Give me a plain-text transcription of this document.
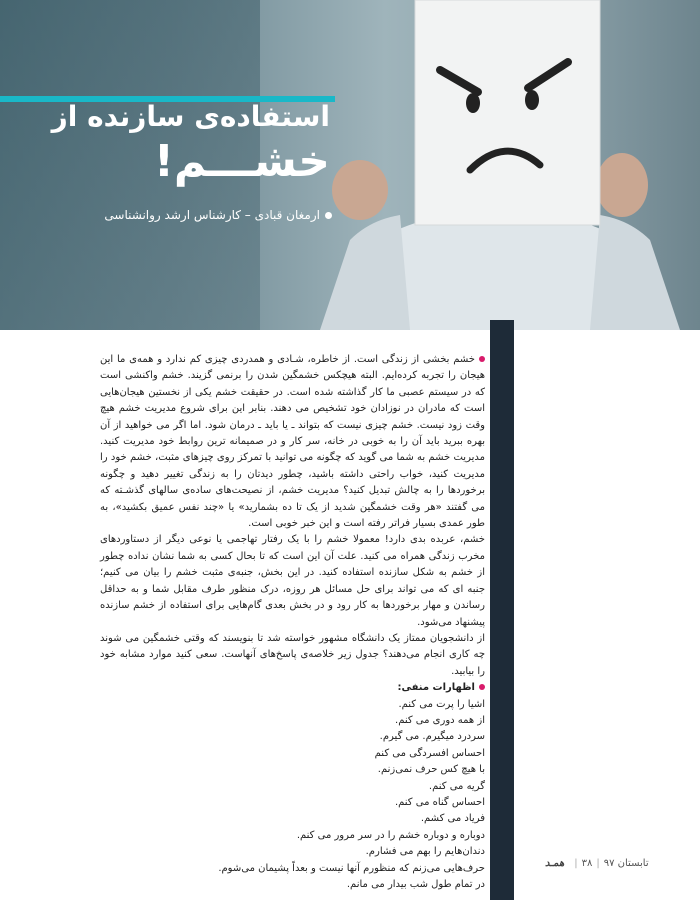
استفاده‌ی سازنده از
خشـــم!
ارمغان قبادی – کارشناس ارشد روانشناسی

خشم بخشی از زندگی است. از خاطره، شـادی و همدردی چیزی کم ندارد و همه‌ی ما این هیجان را تجربه کرده‌ایم. البته هیچکس خشمگین شدن را برنمی گزیند. خشم واکنشی است که در سیستم عصبی ما کار گذاشته شده است. در حقیقت خشم یکی از نخستین هیجان‌هایی است که مادران در نوزادان خود تشخیص می دهند. بنابر این برای شروع مدیریت خشم هیچ وقت زود نیست. خشم چیزی نیست که بتواند ـ یا باید ـ درمان شود. اما اگر می خواهید از آن بهره ببرید باید آن را به خوبی در خانه، سر کار و در صمیمانه ترین روابط خود مدیریت کنید. مدیریت خشم به شما می گوید که چگونه می توانید با تمرکز روی چیزهای مثبت، خشم خود را مدیریت کنید، خواب راحتی داشته باشید، چطور دیدتان را به زندگی تغییر دهید و چگونه برخوردها را به چالش تبدیل کنید؟ مدیریت خشم، از نصیحت‌های ساده‌ی سالهای گذشـته که می گفتند «هر وقت خشمگین شدید از یک تا ده بشمارید» یا «چند نفس عمیق بکشید»، به طور عمدی بسیار فراتر رفته است و این خبر خوبی است.

خشم، عربده بدی دارد! معمولا خشم را با یک رفتار تهاجمی یا نوعی دیگر از دستاوردهای مخرب زندگی همراه می کنید. علت آن این است که تا بحال کسی به شما نشان نداده چطور از خشم به شکل سازنده استفاده کنید. در این بخش، جنبه‌ی مثبت خشم را بیان می کنیم؛ جنبه ای که می تواند برای حل مسائل هر روزه، درک منظور طرف مقابل شما و به حداقل رساندن و مهار برخوردها به کار رود و در بخش بعدی گام‌هایی برای استفاده از خشم سازنده پیشنهاد می‌شود.

از دانشجویان ممتاز یک دانشگاه مشهور خواسته شد تا بنویسند که وقتی خشمگین می شوند چه کاری انجام می‌دهند؟ جدول زیر خلاصه‌ی پاسخ‌های آنهاست. سعی کنید موارد مشابه خود را بیابید.

اظهارات منفی:

اشیا را پرت می کنم.
از همه دوری می کنم.
سردرد میگیرم. می گیرم.
احساس افسردگی می کنم
با هیچ کس حرف نمی‌زنم.
گریه می کنم.
احساس گناه می کنم.
فریاد می کشم.
دوباره و دوباره خشم را در سر مرور می کنم.
دندان‌هایم را بهم می فشارم.
حرف‌هایی می‌زنم که منظورم آنها نیست و بعداً پشیمان می‌شوم.
در تمام طول شب بیدار می مانم.
تابستان ۹۷|۳۸|همـد
